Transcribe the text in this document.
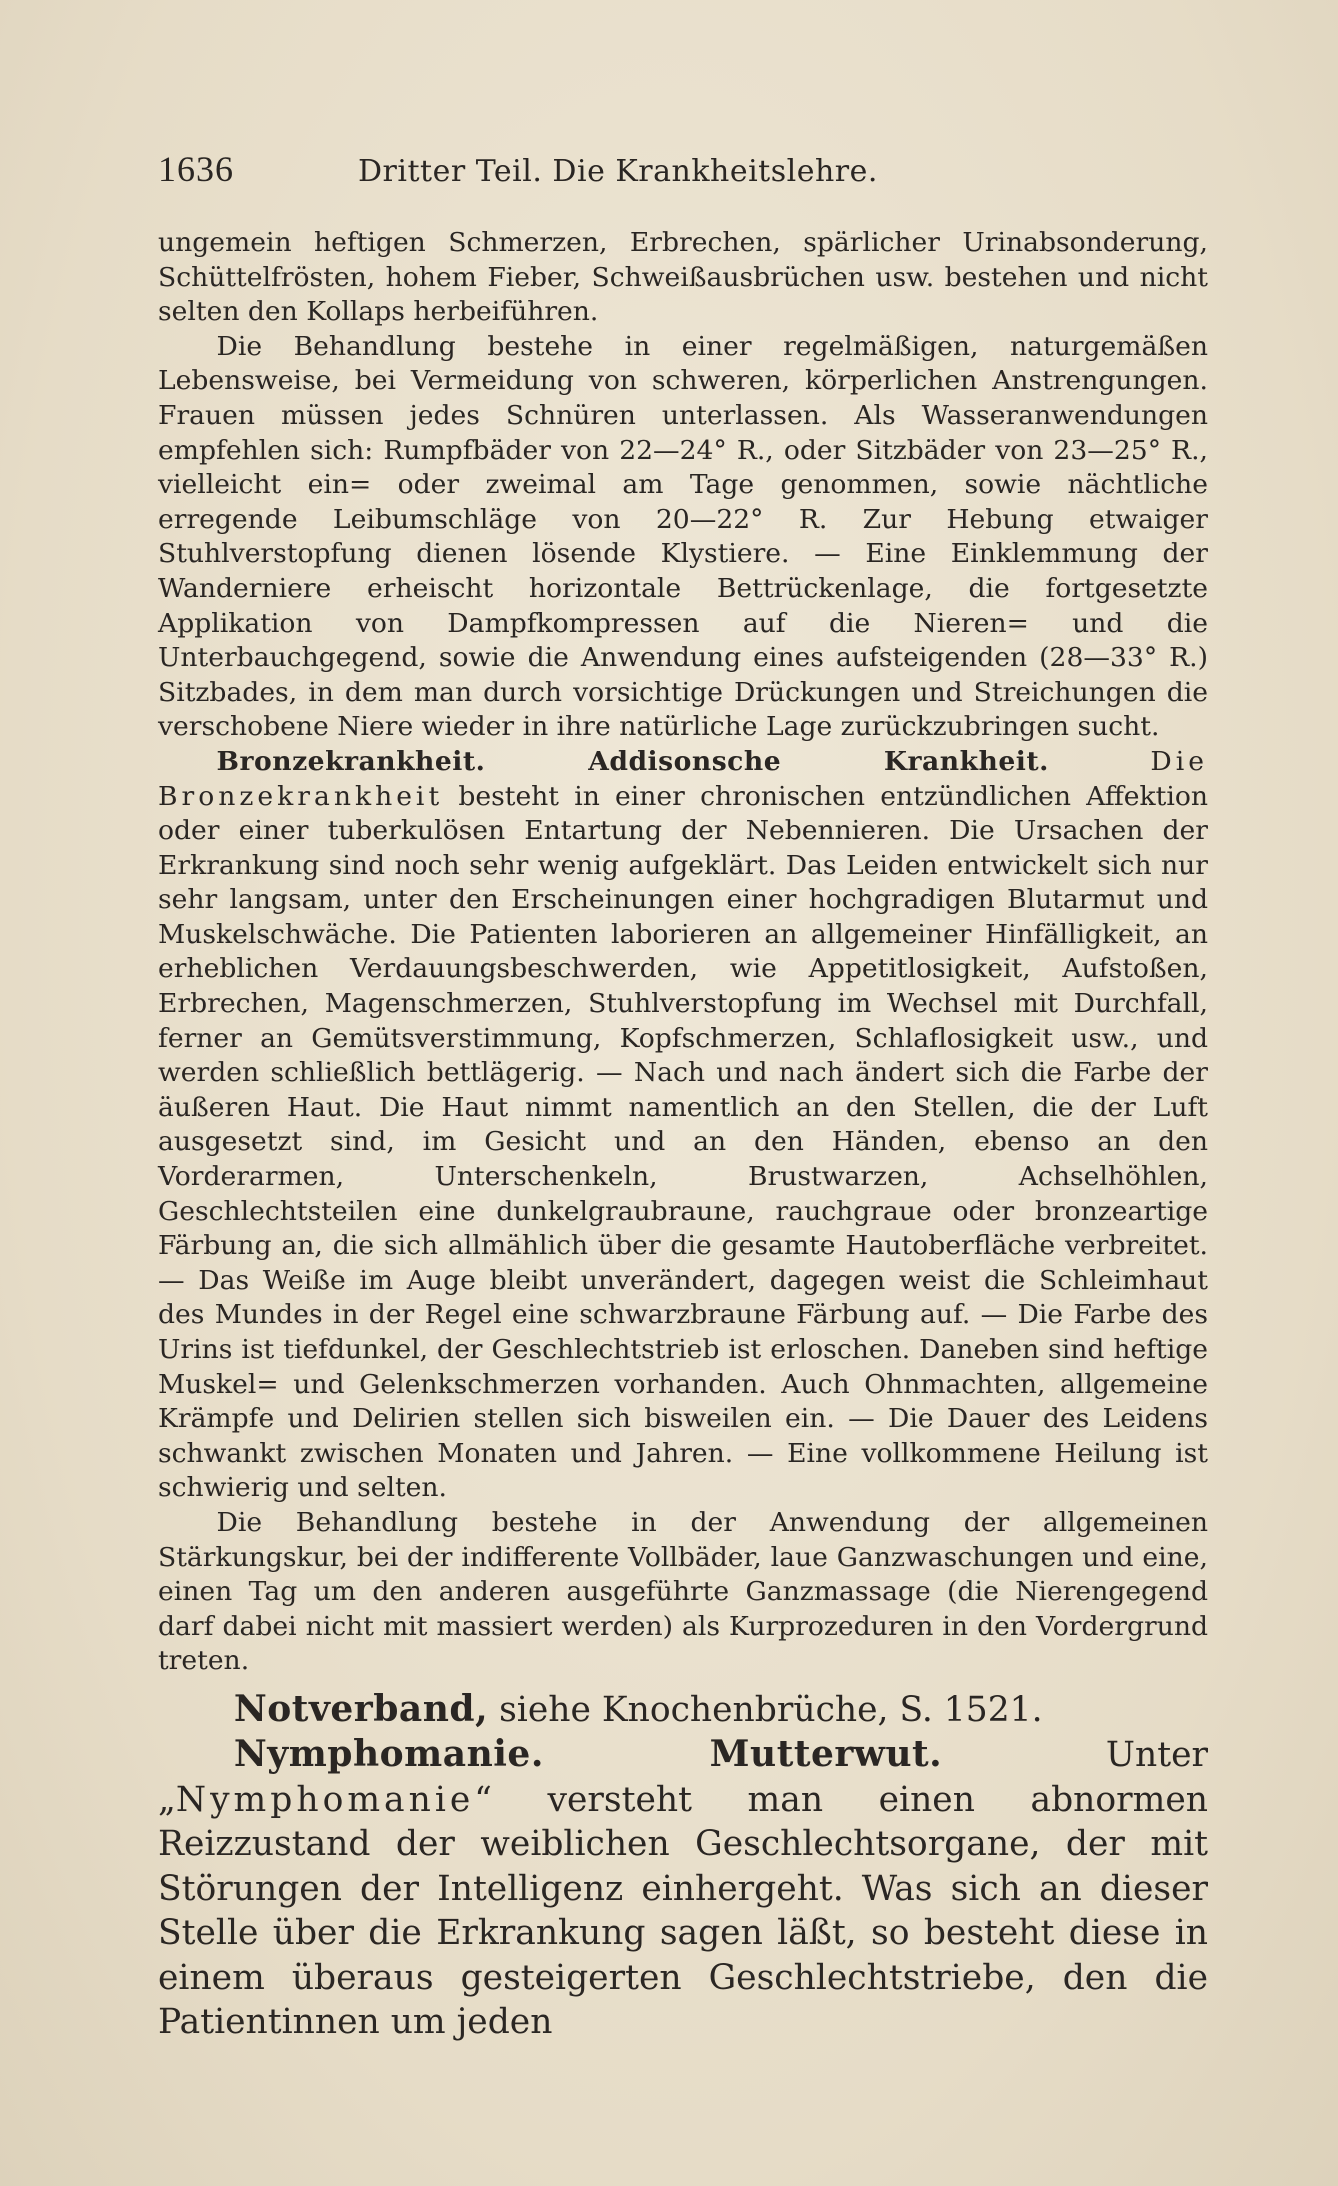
1636	Dritter Teil. Die Krankheitslehre.

ungemein heftigen Schmerzen, Erbrechen, spärlicher Urinabsonderung, Schüttelfrösten, hohem Fieber, Schweißausbrüchen usw. bestehen und nicht selten den Kollaps herbeiführen.

Die Behandlung bestehe in einer regelmäßigen, naturgemäßen Lebensweise, bei Vermeidung von schweren, körperlichen Anstrengungen. Frauen müssen jedes Schnüren unterlassen. Als Wasseranwendungen empfehlen sich: Rumpfbäder von 22—24° R., oder Sitzbäder von 23—25° R., vielleicht ein= oder zweimal am Tage genommen, sowie nächtliche erregende Leibumschläge von 20—22° R. Zur Hebung etwaiger Stuhlverstopfung dienen lösende Klystiere. — Eine Einklemmung der Wanderniere erheischt horizontale Bettrückenlage, die fortgesetzte Applikation von Dampfkompressen auf die Nieren= und die Unterbauchgegend, sowie die Anwendung eines aufsteigenden (28—33° R.) Sitzbades, in dem man durch vorsichtige Drückungen und Streichungen die verschobene Niere wieder in ihre natürliche Lage zurückzubringen sucht.

Bronzekrankheit. Addisonsche Krankheit.	Die Bronzekrankheit besteht in einer chronischen entzündlichen Affektion oder einer tuberkulösen Entartung der Nebennieren. Die Ursachen der Erkrankung sind noch sehr wenig aufgeklärt. Das Leiden entwickelt sich nur sehr langsam, unter den Erscheinungen einer hochgradigen Blutarmut und Muskelschwäche. Die Patienten laborieren an allgemeiner Hinfälligkeit, an erheblichen Verdauungsbeschwerden, wie Appetitlosigkeit, Aufstoßen, Erbrechen, Magenschmerzen, Stuhlverstopfung im Wechsel mit Durchfall, ferner an Gemütsverstimmung, Kopfschmerzen, Schlaflosigkeit usw., und werden schließlich bettlägerig. — Nach und nach ändert sich die Farbe der äußeren Haut. Die Haut nimmt namentlich an den Stellen, die der Luft ausgesetzt sind, im Gesicht und an den Händen, ebenso an den Vorderarmen, Unterschenkeln, Brustwarzen, Achselhöhlen, Geschlechtsteilen eine dunkelgraubraune, rauchgraue oder bronzeartige Färbung an, die sich allmählich über die gesamte Hautoberfläche verbreitet. — Das Weiße im Auge bleibt unverändert, dagegen weist die Schleimhaut des Mundes in der Regel eine schwarzbraune Färbung auf. — Die Farbe des Urins ist tiefdunkel, der Geschlechtstrieb ist erloschen. Daneben sind heftige Muskel= und Gelenkschmerzen vorhanden. Auch Ohnmachten, allgemeine Krämpfe und Delirien stellen sich bisweilen ein. — Die Dauer des Leidens schwankt zwischen Monaten und Jahren. — Eine vollkommene Heilung ist schwierig und selten.

Die Behandlung bestehe in der Anwendung der allgemeinen Stärkungskur, bei der indifferente Vollbäder, laue Ganzwaschungen und eine, einen Tag um den anderen ausgeführte Ganzmassage (die Nierengegend darf dabei nicht mit massiert werden) als Kurprozeduren in den Vordergrund treten.

Notverband, siehe Knochenbrüche, S. 1521.

Nymphomanie. Mutterwut.	Unter „Nymphomanie“ versteht man einen abnormen Reizzustand der weiblichen Geschlechtsorgane, der mit Störungen der Intelligenz einhergeht. Was sich an dieser Stelle über die Erkrankung sagen läßt, so besteht diese in einem überaus gesteigerten Geschlechtstriebe, den die Patientinnen um jeden
